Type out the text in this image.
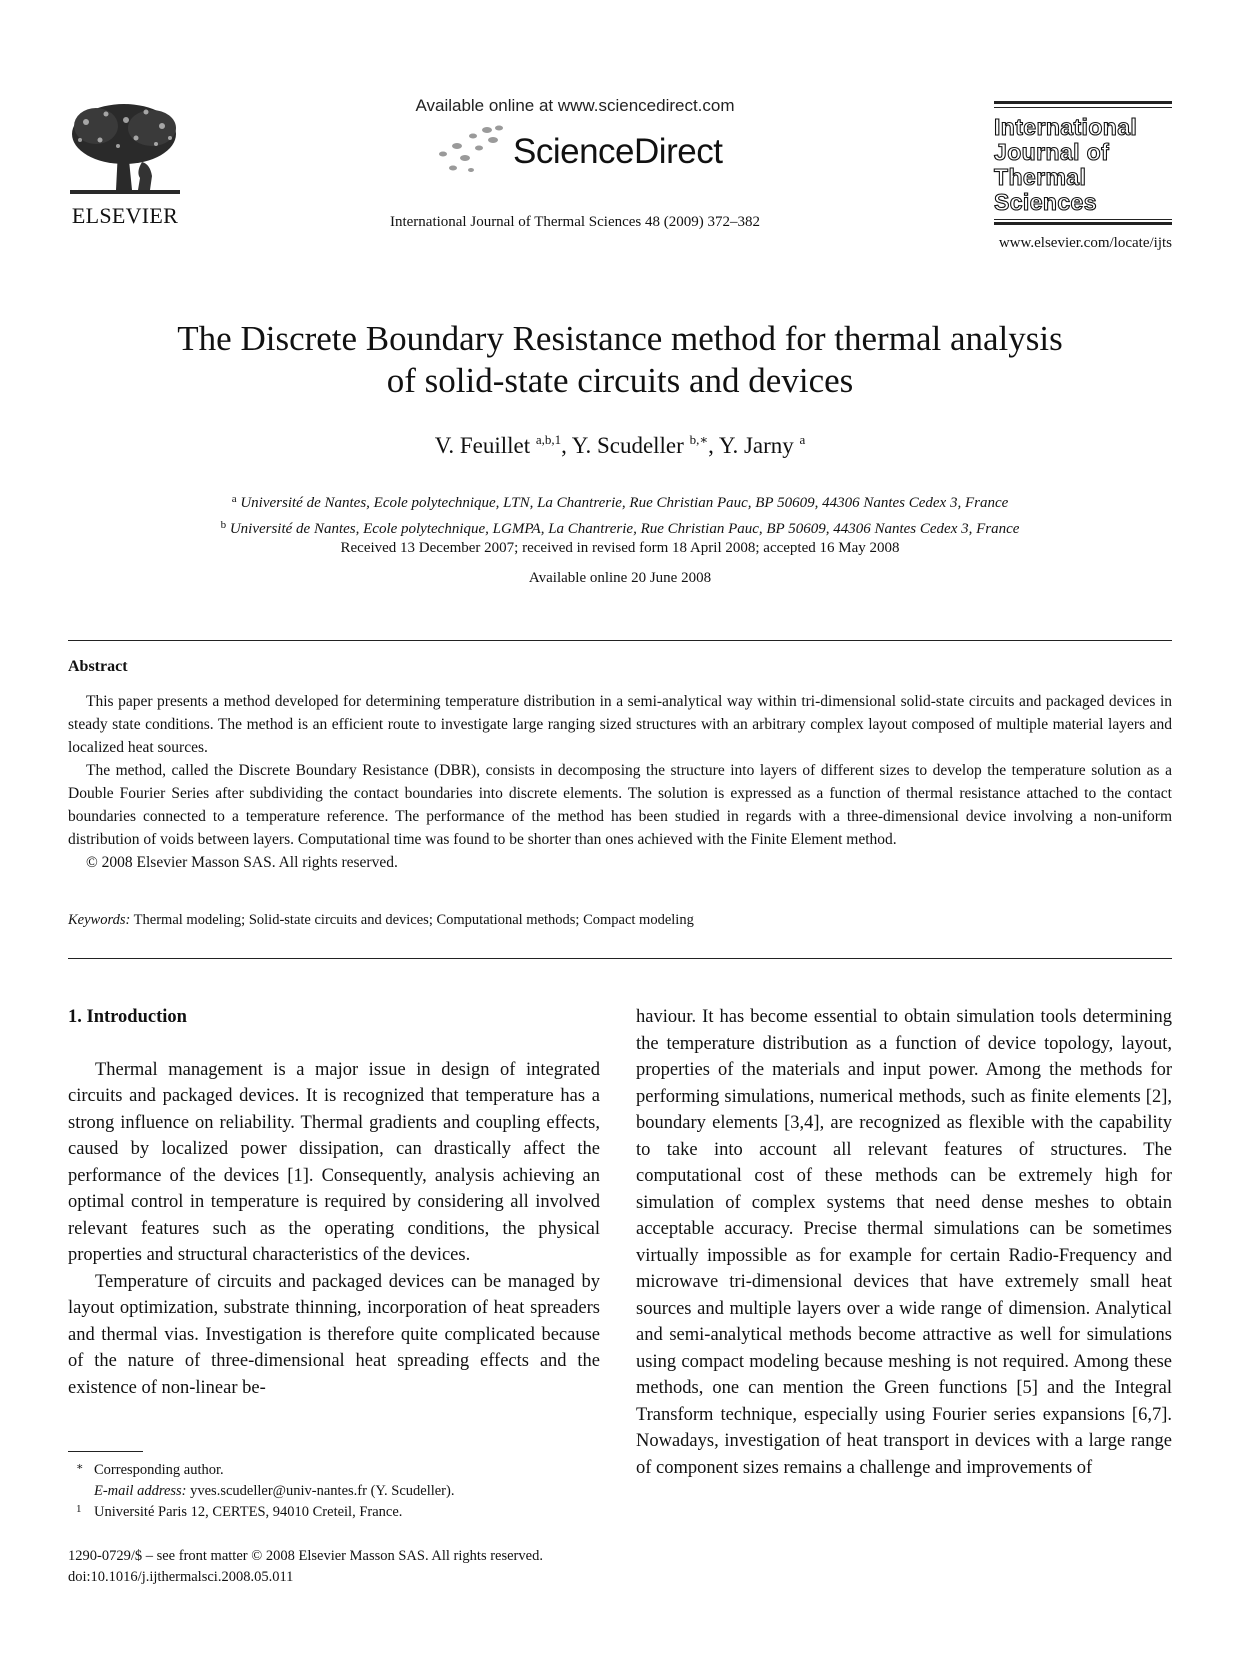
ELSEVIER
Available online at www.sciencedirect.com
ScienceDirect
International Journal of Thermal Sciences 48 (2009) 372–382
International
Journal of
Thermal
Sciences
www.elsevier.com/locate/ijts
The Discrete Boundary Resistance method for thermal analysis
of solid-state circuits and devices
V. Feuillet $^{a,b,1}$, Y. Scudeller $^{b,∗}$, Y. Jarny $^a$
$^a$ Université de Nantes, Ecole polytechnique, LTN, La Chantrerie, Rue Christian Pauc, BP 50609, 44306 Nantes Cedex 3, France
$^b$ Université de Nantes, Ecole polytechnique, LGMPA, La Chantrerie, Rue Christian Pauc, BP 50609, 44306 Nantes Cedex 3, France
Received 13 December 2007; received in revised form 18 April 2008; accepted 16 May 2008
Available online 20 June 2008
Abstract

This paper presents a method developed for determining temperature distribution in a semi-analytical way within tri-dimensional solid-state circuits and packaged devices in steady state conditions. The method is an efficient route to investigate large ranging sized structures with an arbitrary complex layout composed of multiple material layers and localized heat sources.

The method, called the Discrete Boundary Resistance (DBR), consists in decomposing the structure into layers of different sizes to develop the temperature solution as a Double Fourier Series after subdividing the contact boundaries into discrete elements. The solution is expressed as a function of thermal resistance attached to the contact boundaries connected to a temperature reference. The performance of the method has been studied in regards with a three-dimensional device involving a non-uniform distribution of voids between layers. Computational time was found to be shorter than ones achieved with the Finite Element method.

© 2008 Elsevier Masson SAS. All rights reserved.

Keywords: Thermal modeling; Solid-state circuits and devices; Computational methods; Compact modeling
1. Introduction

Thermal management is a major issue in design of integrated circuits and packaged devices. It is recognized that temperature has a strong influence on reliability. Thermal gradients and coupling effects, caused by localized power dissipation, can drastically affect the performance of the devices [1]. Consequently, analysis achieving an optimal control in temperature is required by considering all involved relevant features such as the operating conditions, the physical properties and structural characteristics of the devices.

Temperature of circuits and packaged devices can be managed by layout optimization, substrate thinning, incorporation of heat spreaders and thermal vias. Investigation is therefore quite complicated because of the nature of three-dimensional heat spreading effects and the existence of non-linear be-

haviour. It has become essential to obtain simulation tools determining the temperature distribution as a function of device topology, layout, properties of the materials and input power. Among the methods for performing simulations, numerical methods, such as finite elements [2], boundary elements [3,4], are recognized as flexible with the capability to take into account all relevant features of structures. The computational cost of these methods can be extremely high for simulation of complex systems that need dense meshes to obtain acceptable accuracy. Precise thermal simulations can be sometimes virtually impossible as for example for certain Radio-Frequency and microwave tri-dimensional devices that have extremely small heat sources and multiple layers over a wide range of dimension. Analytical and semi-analytical methods become attractive as well for simulations using compact modeling because meshing is not required. Among these methods, one can mention the Green functions [5] and the Integral Transform technique, especially using Fourier series expansions [6,7]. Nowadays, investigation of heat transport in devices with a large range of component sizes remains a challenge and improvements of

∗ Corresponding author.
E-mail address: yves.scudeller@univ-nantes.fr (Y. Scudeller).
1 Université Paris 12, CERTES, 94010 Creteil, France.
1290-0729/$ – see front matter © 2008 Elsevier Masson SAS. All rights reserved.
doi:10.1016/j.ijthermalsci.2008.05.011
